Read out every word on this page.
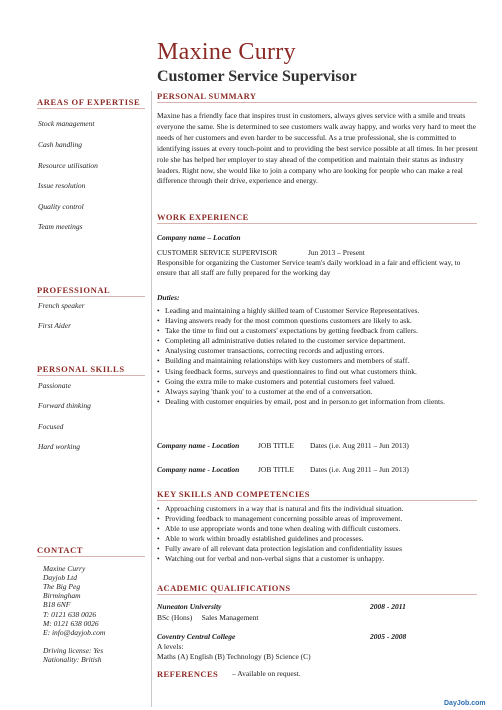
Maxine Curry
Customer Service Supervisor
AREAS OF EXPERTISE
Stock management
Cash handling
Resource utilisation
Issue resolution
Quality control
Team meetings
PROFESSIONAL
French speaker
First Aider
PERSONAL SKILLS
Passionate
Forward thinking
Focused
Hard working
CONTACT
Maxine Curry
Dayjob Ltd
The Big Peg
Birmingham
B18 6NF
T: 0121 638 0026
M: 0121 638 0026
E: info@dayjob.com
Driving license: Yes
Nationality: British
PERSONAL SUMMARY
Maxine has a friendly face that inspires trust in customers, always gives service with a smile and treats everyone the same. She is determined to see customers walk away happy, and works very hard to meet the needs of her customers and even harder to be successful. As a true professional, she is committed to identifying issues at every touch-point and to providing the best service possible at all times. In her present role she has helped her employer to stay ahead of the competition and maintain their status as industry leaders. Right now, she would like to join a company who are looking for people who can make a real difference through their drive, experience and energy.
WORK EXPERIENCE
Company name – Location
CUSTOMER SERVICE SUPERVISOR	Jun 2013 – Present
Responsible for organizing the Customer Service team's daily workload in a fair and efficient way, to ensure that all staff are fully prepared for the working day
Duties:
• Leading and maintaining a highly skilled team of Customer Service Representatives.
• Having answers ready for the most common questions customers are likely to ask.
• Take the time to find out a customers' expectations by getting feedback from callers.
• Completing all administrative duties related to the customer service department.
• Analysing customer transactions, correcting records and adjusting errors.
• Building and maintaining relationships with key customers and members of staff.
• Using feedback forms, surveys and questionnaires to find out what customers think.
• Going the extra mile to make customers and potential customers feel valued.
• Always saying 'thank you' to a customer at the end of a conversation.
• Dealing with customer enquiries by email, post and in person.to get information from clients.
Company name - Location JOB TITLE Dates (i.e. Aug 2011 – Jun 2013)
Company name - Location JOB TITLE Dates (i.e. Aug 2011 – Jun 2013)
KEY SKILLS AND COMPETENCIES
• Approaching customers in a way that is natural and fits the individual situation.
• Providing feedback to management concerning possible areas of improvement.
• Able to use appropriate words and tone when dealing with difficult customers.
• Able to work within broadly established guidelines and processes.
• Fully aware of all relevant data protection legislation and confidentiality issues
• Watching out for verbal and non-verbal signs that a customer is unhappy.
ACADEMIC QUALIFICATIONS
Nuneaton University	2008 - 2011
BSc (Hons)     Sales Management
Coventry Central College	2005 - 2008
A levels:
Maths (A) English (B) Technology (B) Science (C)
REFERENCES – Available on request.
DayJob.com
